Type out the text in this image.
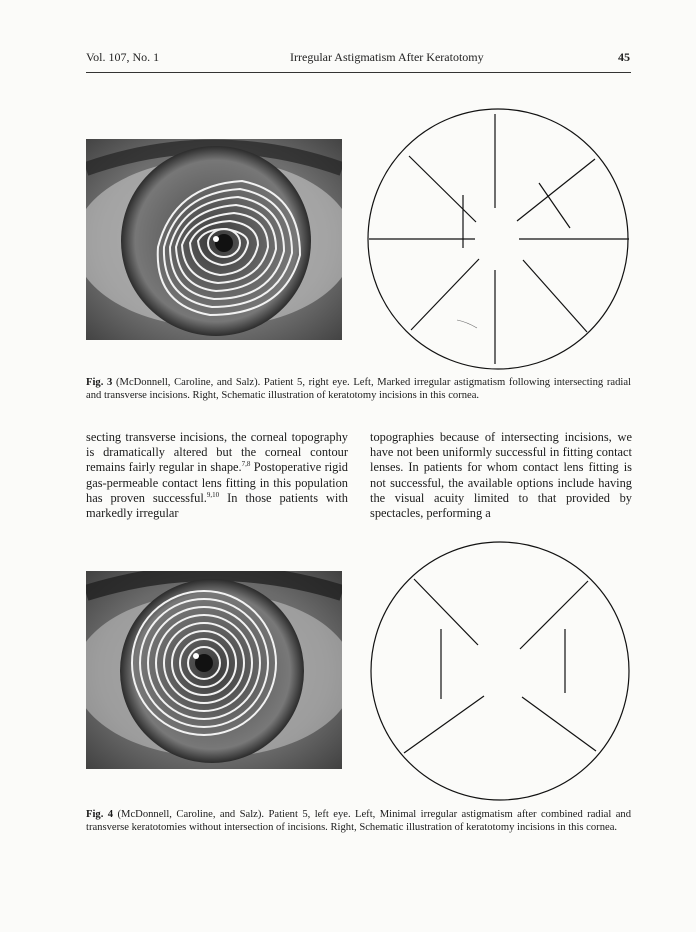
Vol. 107, No. 1	Irregular Astigmatism After Keratotomy	45
Fig. 3 (McDonnell, Caroline, and Salz). Patient 5, right eye. Left, Marked irregular astigmatism following intersecting radial and transverse incisions. Right, Schematic illustration of keratotomy incisions in this cornea.

secting transverse incisions, the corneal topography is dramatically altered but the corneal contour remains fairly regular in shape.$^{7,8}$ Postoperative rigid gas-permeable contact lens fitting in this population has proven successful.$^{9,10}$ In those patients with markedly irregular

topographies because of intersecting incisions, we have not been uniformly successful in fitting contact lenses. In patients for whom contact lens fitting is not successful, the available options include having the visual acuity limited to that provided by spectacles, performing a

Fig. 4 (McDonnell, Caroline, and Salz). Patient 5, left eye. Left, Minimal irregular astigmatism after combined radial and transverse keratotomies without intersection of incisions. Right, Schematic illustration of keratotomy incisions in this cornea.
